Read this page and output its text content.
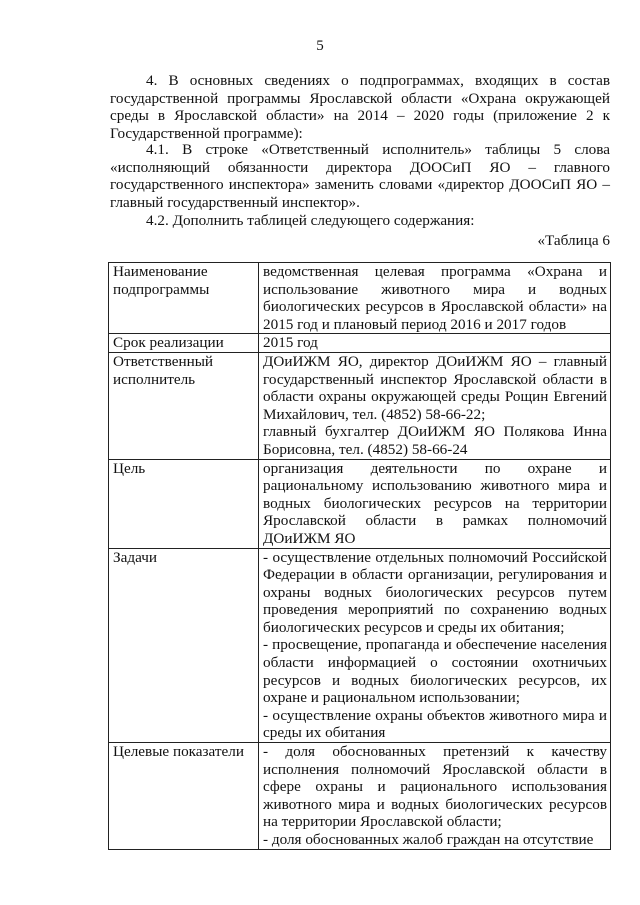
5

4. В основных сведениях о подпрограммах, входящих в состав государственной программы Ярославской области «Охрана окружающей среды в Ярославской области» на 2014 – 2020 годы (приложение 2 к Государственной программе):

4.1. В строке «Ответственный исполнитель» таблицы 5 слова «исполняющий обязанности директора ДООСиП ЯО – главного государственного инспектора» заменить словами «директор ДООСиП ЯО – главный государственный инспектор».

4.2. Дополнить таблицей следующего содержания:

«Таблица 6
Наименование подпрограммы	ведомственная целевая программа «Охрана и использование животного мира и водных биологических ресурсов в Ярославской области» на 2015 год и плановый период 2016 и 2017 годов

Срок реализации	2015 год

Ответственный исполнитель	ДОиИЖМ ЯО, директор ДОиИЖМ ЯО – главный государственный инспектор Ярославской области в области охраны окружающей среды Рощин Евгений Михайлович, тел. (4852) 58-66-22;
главный бухгалтер ДОиИЖМ ЯО Полякова Инна Борисовна, тел. (4852) 58-66-24

Цель	организация деятельности по охране и рациональному использованию животного мира и водных биологических ресурсов на территории Ярославской области в рамках полномочий ДОиИЖМ ЯО

Задачи	- осуществление отдельных полномочий Российской Федерации в области организации, регулирования и охраны водных биологических ресурсов путем проведения мероприятий по сохранению водных биологических ресурсов и среды их обитания;
- просвещение, пропаганда и обеспечение населения области информацией о состоянии охотничьих ресурсов и водных биологических ресурсов, их охране и рациональном использовании;
- осуществление охраны объектов животного мира и среды их обитания

Целевые показатели	- доля обоснованных претензий к качеству исполнения полномочий Ярославской области в сфере охраны и рационального использования животного мира и водных биологических ресурсов на территории Ярославской области;
- доля обоснованных жалоб граждан на отсутствие
